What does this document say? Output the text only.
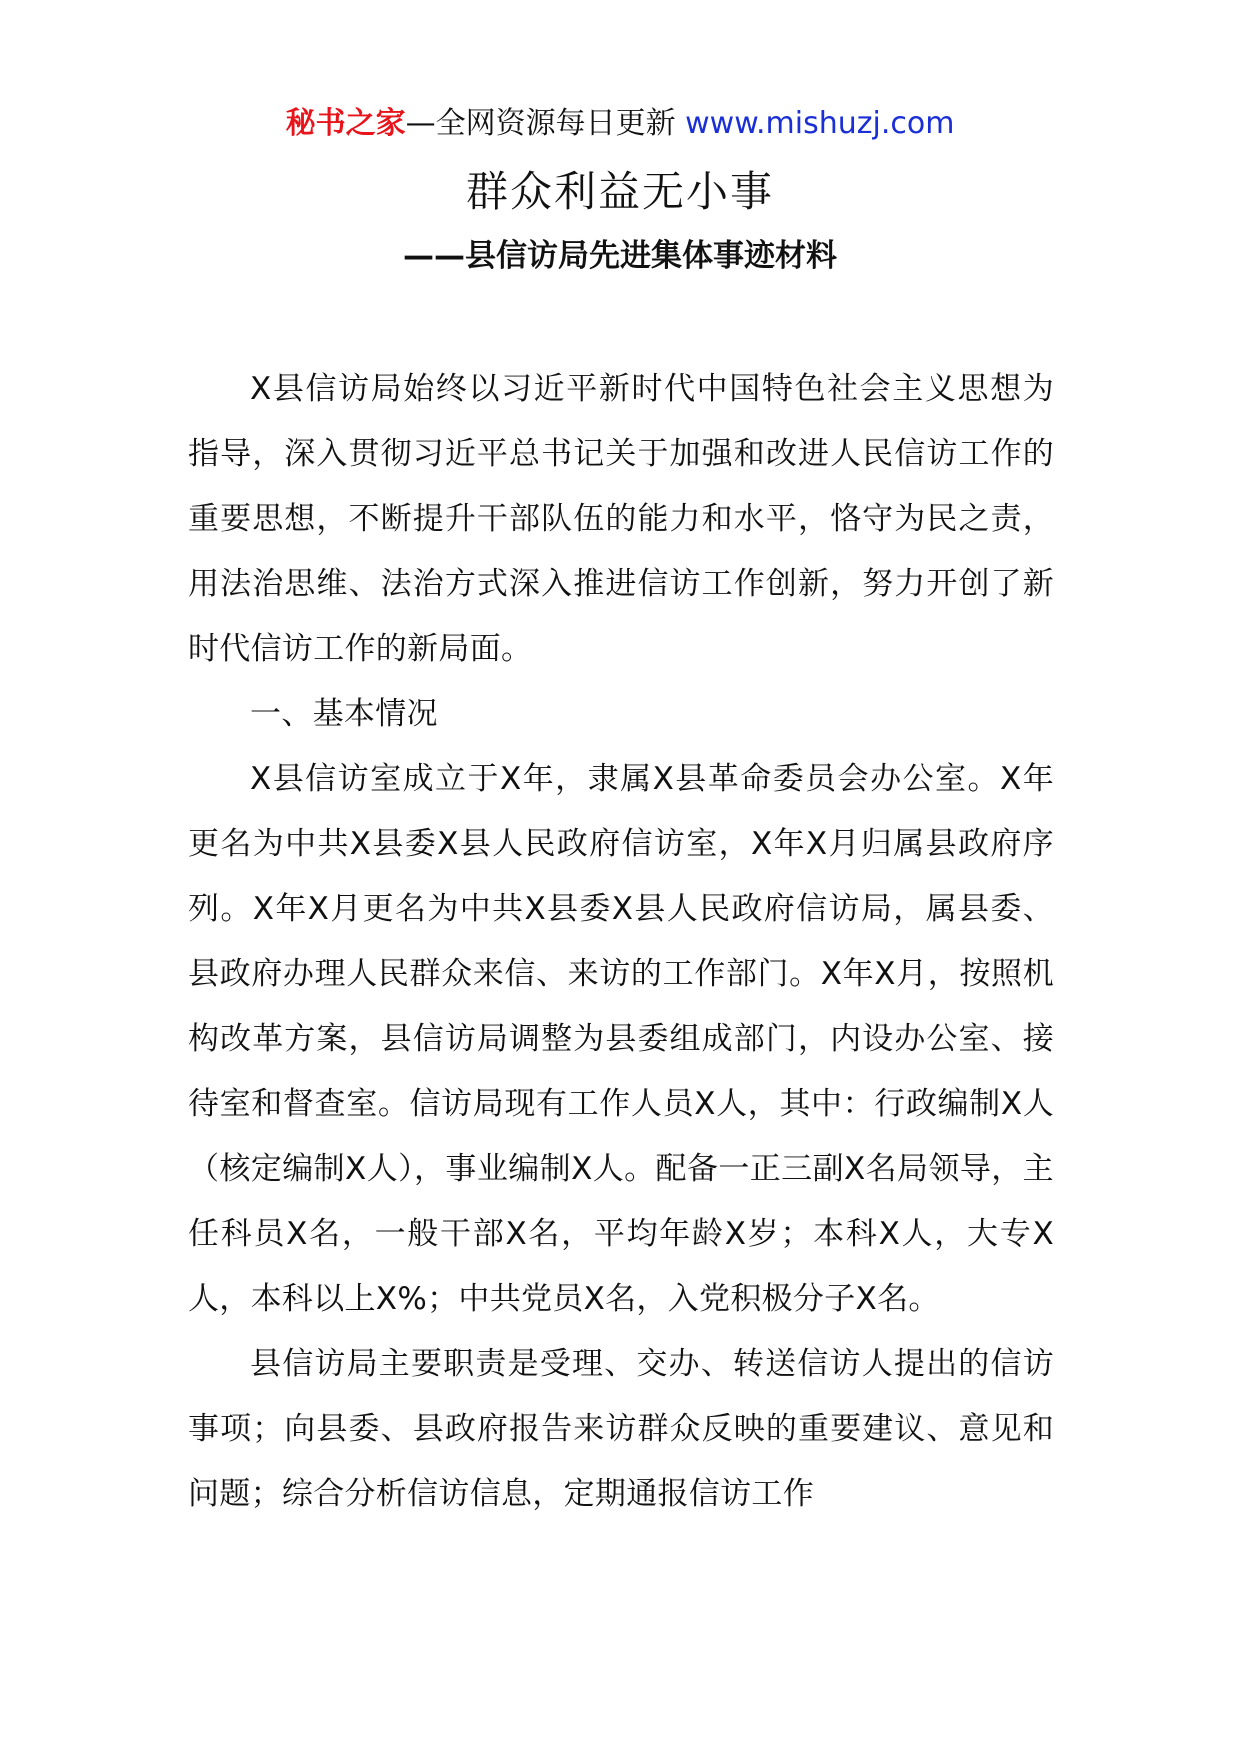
秘书之家—全网资源每日更新 www.mishuzj.com
群众利益无小事
——县信访局先进集体事迹材料

X县信访局始终以习近平新时代中国特色社会主义思想为指导，深入贯彻习近平总书记关于加强和改进人民信访工作的重要思想，不断提升干部队伍的能力和水平，恪守为民之责，用法治思维、法治方式深入推进信访工作创新，努力开创了新时代信访工作的新局面。

一、基本情况

X县信访室成立于X年，隶属X县革命委员会办公室。X年更名为中共X县委X县人民政府信访室，X年X月归属县政府序列。X年X月更名为中共X县委X县人民政府信访局，属县委、县政府办理人民群众来信、来访的工作部门。X年X月，按照机构改革方案，县信访局调整为县委组成部门，内设办公室、接待室和督查室。信访局现有工作人员X人，其中：行政编制X人（核定编制X人），事业编制X人。配备一正三副X名局领导，主任科员X名，一般干部X名，平均年龄X岁；本科X人，大专X人，本科以上X%；中共党员X名，入党积极分子X名。

县信访局主要职责是受理、交办、转送信访人提出的信访事项；向县委、县政府报告来访群众反映的重要建议、意见和问题；综合分析信访信息，定期通报信访工作
